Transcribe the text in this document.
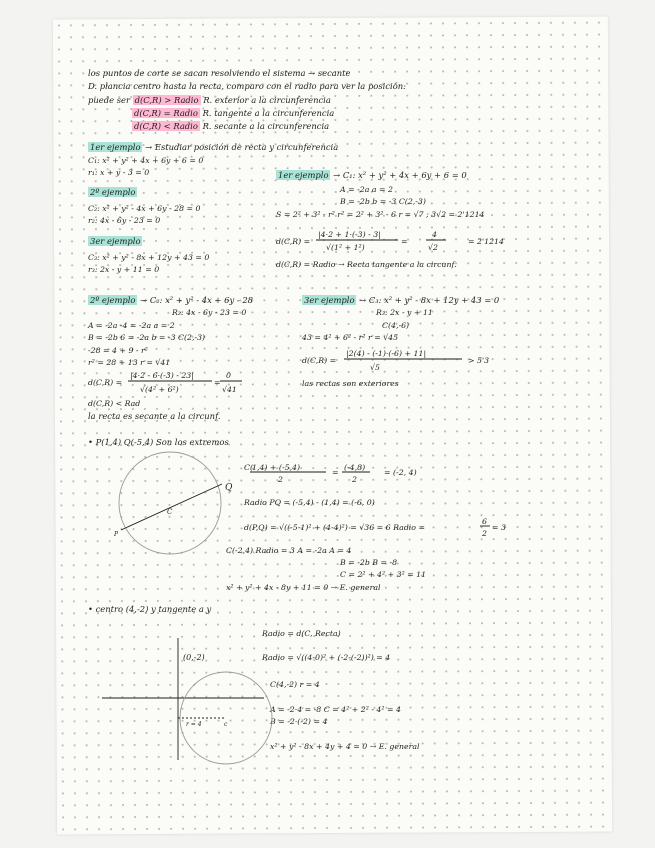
los puntos de corte se sacan resolviendo el sistema → secante
D. plancia centro hasta la recta, comparo con el radio para ver la posición:
puede ser d(C,R) > Radio R. exterior a la circunferencia
d(C,R) = Radio R. tangente a la circunferencia
d(C,R) < Radio R. secante a la circunferencia
1er ejemplo → Estudiar posición de recta y circunferencia
C₁: x² + y² + 4x + 6y + 6 = 0
r₁: x + y - 3 = 0
2º ejemplo
C₂: x² + y² - 4x + 6y - 28 = 0
r₂: 4x - 6y - 23 = 0
3er ejemplo
C₃: x² + y² - 8x + 12y + 43 = 0
r₃: 2x - y + 11 = 0
1er ejemplo → C₁: x² + y² + 4x + 6y + 6 = 0
A = -2a a = 2
B = -2b b = -3 C(2,-3)
S = 2² + 3² - r² r² = 2² + 3² - 6 r = √7 ; 3√2 = 2'1214
d(C,R) =
|4·2 + 1·(-3) - 3|
√(1² + 1²)
=
4
√2
= 2'1214
d(C,R) = Radio → Recta tangente a la circunf.
2º ejemplo → C₂: x² + y² - 4x + 6y - 28
R₂: 4x - 6y - 23 = 0
A = -2a -4 = -2a a = 2
B = -2b 6 = -2a b = -3 C(2,-3)
-28 = 4 + 9 - r²
r² = 28 + 13 r = √41
d(C,R) =
|4·2 - 6·(-3) - 23|
√(4² + 6²)
=
0
√41
d(C,R) < Rad
la recta es secante a la circunf.
3er ejemplo → C₃: x² + y² - 8x + 12y + 43 = 0
R₃: 2x - y + 11
C(4,-6)
43 = 4² + 6² - r² r = √45
d(C,R) =
|2(4) - (-1)·(-6) + 11|
√5
> 5'3
las rectas son exteriores
• P(1,4) Q(-5,4) Son los extremos
C(
1,4) + (-5,4)
2
=
(-4,8)
2
= (-2, 4)
Radio PQ = (-5,4) - (1,4) = (-6, 0)
d(P,Q) = √((-5-1)² + (4-4)²) = √36 = 6 Radio =
6
2
= 3
C(-2,4) Radio = 3 A = -2a A = 4
B = -2b B = -8
C = 2² + 4² + 3² = 11
x² + y² + 4x - 8y + 11 = 0 → E. general
• centro (4,-2) y tangente a y
Radio = d(C, Recta)
Radio = √((4-0)² + (-2-(-2))²) = 4
C(4,-2) r = 4
A = -2·4 = -8 C = 4² + 2² - 4² = 4
B = -2·(-2) = 4
x² + y² - 8x + 4y + 4 = 0 → E. general
Q
P
C
(0,-2)
r = 4	c
